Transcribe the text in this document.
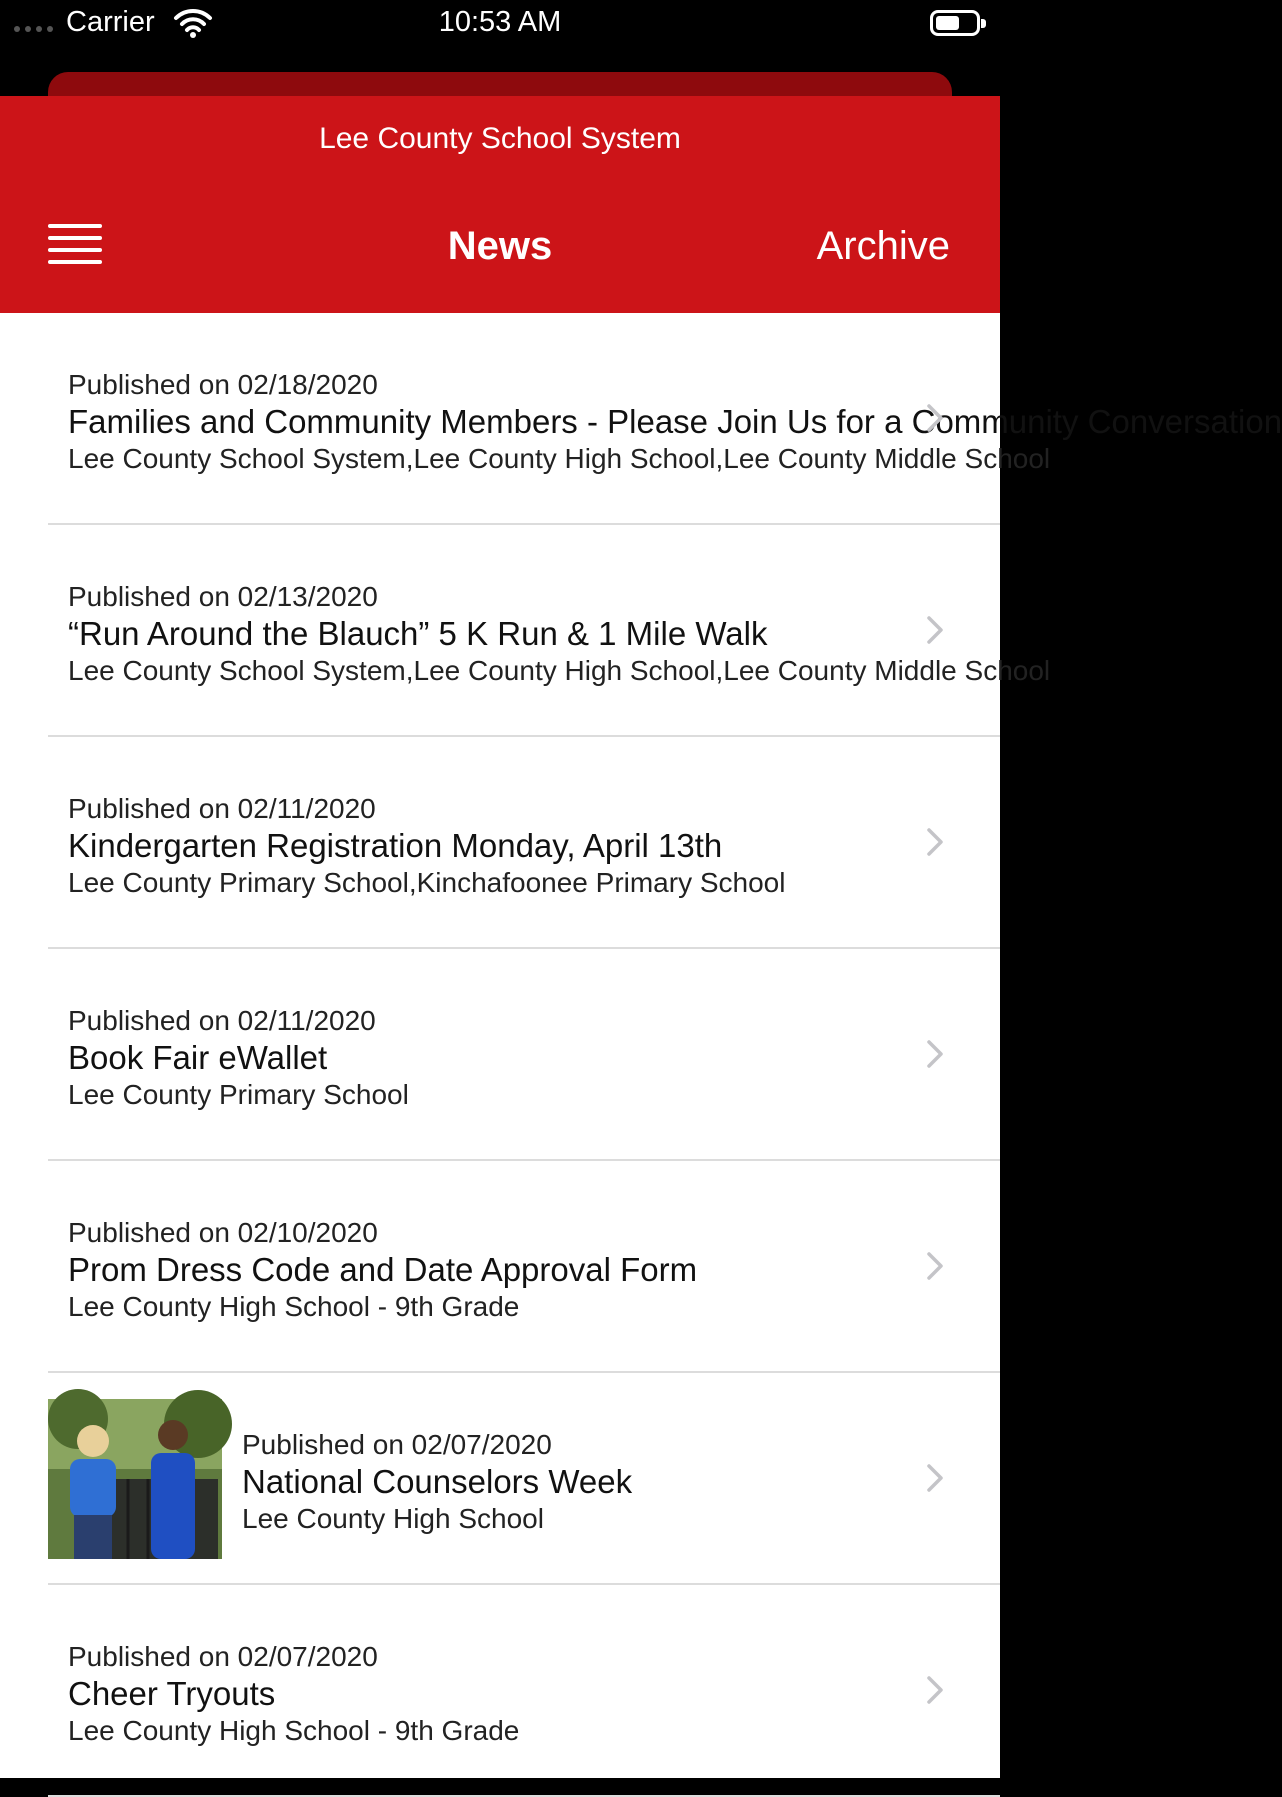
Carrier	10:53 AM
Lee County School System
News	Archive
Published on 02/18/2020
Families and Community Members - Please Join Us for a Community Conversation
Lee County School System,Lee County High School,Lee County Middle School
Published on 02/13/2020
“Run Around the Blauch” 5 K Run & 1 Mile Walk
Lee County School System,Lee County High School,Lee County Middle School
Published on 02/11/2020
Kindergarten Registration Monday, April 13th
Lee County Primary School,Kinchafoonee Primary School
Published on 02/11/2020
Book Fair eWallet
Lee County Primary School
Published on 02/10/2020
Prom Dress Code and Date Approval Form
Lee County High School - 9th Grade
Published on 02/07/2020
National Counselors Week
Lee County High School
Published on 02/07/2020
Cheer Tryouts
Lee County High School - 9th Grade
